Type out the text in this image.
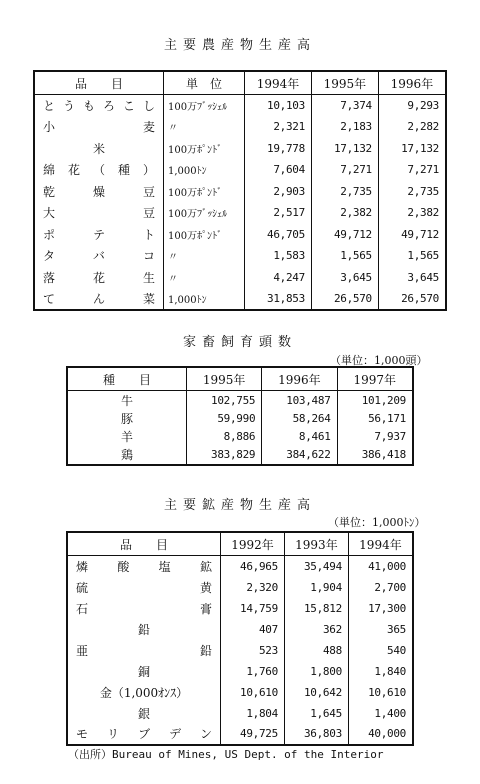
主要農産物生産高
品　　目	単　位	1994年	1995年	1996年
とうもろこし	100万ﾌﾞｯｼｪﾙ	10,103	7,374	9,293
小麦	〃	2,321	2,183	2,282
米	100万ﾎﾟﾝﾄﾞ	19,778	17,132	17,132
綿花（種）	1,000ﾄﾝ	7,604	7,271	7,271
乾燥豆	100万ﾎﾟﾝﾄﾞ	2,903	2,735	2,735
大豆	100万ﾌﾞｯｼｪﾙ	2,517	2,382	2,382
ポテト	100万ﾎﾟﾝﾄﾞ	46,705	49,712	49,712
タバコ	〃	1,583	1,565	1,565
落花生	〃	4,247	3,645	3,645
てん菜	1,000ﾄﾝ	31,853	26,570	26,570
家畜飼育頭数
（単位：1,000頭）
種　　目	1995年	1996年	1997年
牛	102,755	103,487	101,209
豚	59,990	58,264	56,171
羊	8,886	8,461	7,937
鶏	383,829	384,622	386,418
主要鉱産物生産高
（単位：1,000ﾄﾝ）
品　　目	1992年	1993年	1994年
燐酸塩鉱	46,965	35,494	41,000
硫黄	2,320	1,904	2,700
石膏	14,759	15,812	17,300
鉛	407	362	365
亜鉛	523	488	540
銅	1,760	1,800	1,840
金（1,000ｵﾝｽ）	10,610	10,642	10,610
銀	1,804	1,645	1,400
モリブデン	49,725	36,803	40,000
（出所）Bureau of Mines, US Dept. of the Interior
